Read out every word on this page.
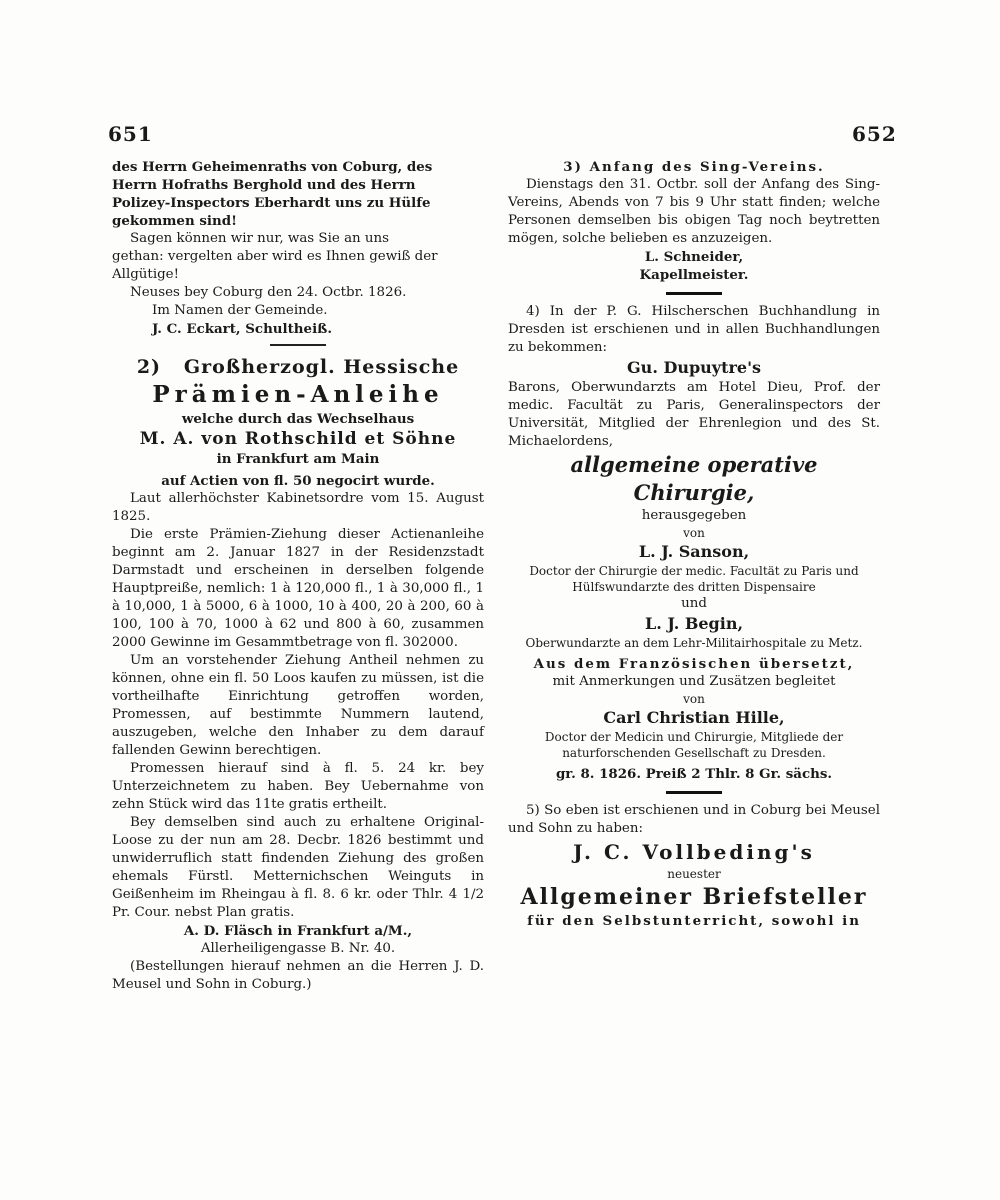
651	652

des Herrn Geheimenraths von Coburg, des

Herrn Hofraths Berghold und des Herrn

Polizey-Inspectors Eberhardt uns zu Hülfe

gekommen sind!

Sagen können wir nur, was Sie an uns

gethan: vergelten aber wird es Ihnen gewiß der

Allgütige!

Neuses bey Coburg den 24. Octbr. 1826.

Im Namen der Gemeinde.

J. C. Eckart, Schultheiß.

2) Großherzogl. Hessische

Prämien-Anleihe

welche durch das Wechselhaus

M. A. von Rothschild et Söhne

in Frankfurt am Main

auf Actien von fl. 50 negocirt wurde.

Laut allerhöchster Kabinetsordre vom 15. August 1825.

Die erste Prämien-Ziehung dieser Actienanleihe beginnt am 2. Januar 1827 in der Residenzstadt Darmstadt und erscheinen in derselben folgende Hauptpreiße, nemlich: 1 à 120,000 fl., 1 à 30,000 fl., 1 à 10,000, 1 à 5000, 6 à 1000, 10 à 400, 20 à 200, 60 à 100, 100 à 70, 1000 à 62 und 800 à 60, zusammen 2000 Gewinne im Gesammtbetrage von fl. 302000.

Um an vorstehender Ziehung Antheil nehmen zu können, ohne ein fl. 50 Loos kaufen zu müssen, ist die vortheilhafte Einrichtung getroffen worden, Promessen, auf bestimmte Nummern lautend, auszugeben, welche den Inhaber zu dem darauf fallenden Gewinn berechtigen.

Promessen hierauf sind à fl. 5. 24 kr. bey Unterzeichnetem zu haben. Bey Uebernahme von zehn Stück wird das 11te gratis ertheilt.

Bey demselben sind auch zu erhaltene Original-Loose zu der nun am 28. Decbr. 1826 bestimmt und unwiderruflich statt findenden Ziehung des großen ehemals Fürstl. Metternichschen Weinguts in Geißenheim im Rheingau à fl. 8. 6 kr. oder Thlr. 4 1/2 Pr. Cour. nebst Plan gratis.

A. D. Fläsch in Frankfurt a/M.,

Allerheiligengasse B. Nr. 40.

(Bestellungen hierauf nehmen an die Herren J. D. Meusel und Sohn in Coburg.)

3) Anfang des Sing-Vereins.

Dienstags den 31. Octbr. soll der Anfang des Sing-Vereins, Abends von 7 bis 9 Uhr statt finden; welche Personen demselben bis obigen Tag noch beytretten mögen, solche belieben es anzuzeigen.

L. Schneider,

Kapellmeister.

4) In der P. G. Hilscherschen Buchhandlung in Dresden ist erschienen und in allen Buchhandlungen zu bekommen:

Gu. Dupuytre's

Barons, Oberwundarzts am Hotel Dieu, Prof. der medic. Facultät zu Paris, Generalinspectors der Universität, Mitglied der Ehrenlegion und des St. Michaelordens,

allgemeine operative Chirurgie,

herausgegeben

von

L. J. Sanson,

Doctor der Chirurgie der medic. Facultät zu Paris und Hülfswundarzte des dritten Dispensaire

und

L. J. Begin,

Oberwundarzte an dem Lehr-Militairhospitale zu Metz.

Aus dem Französischen übersetzt,

mit Anmerkungen und Zusätzen begleitet

von

Carl Christian Hille,

Doctor der Medicin und Chirurgie, Mitgliede der naturforschenden Gesellschaft zu Dresden.

gr. 8. 1826. Preiß 2 Thlr. 8 Gr. sächs.

5) So eben ist erschienen und in Coburg bei Meusel und Sohn zu haben:

J. C. Vollbeding's

neuester

Allgemeiner Briefsteller

für den Selbstunterricht, sowohl in
